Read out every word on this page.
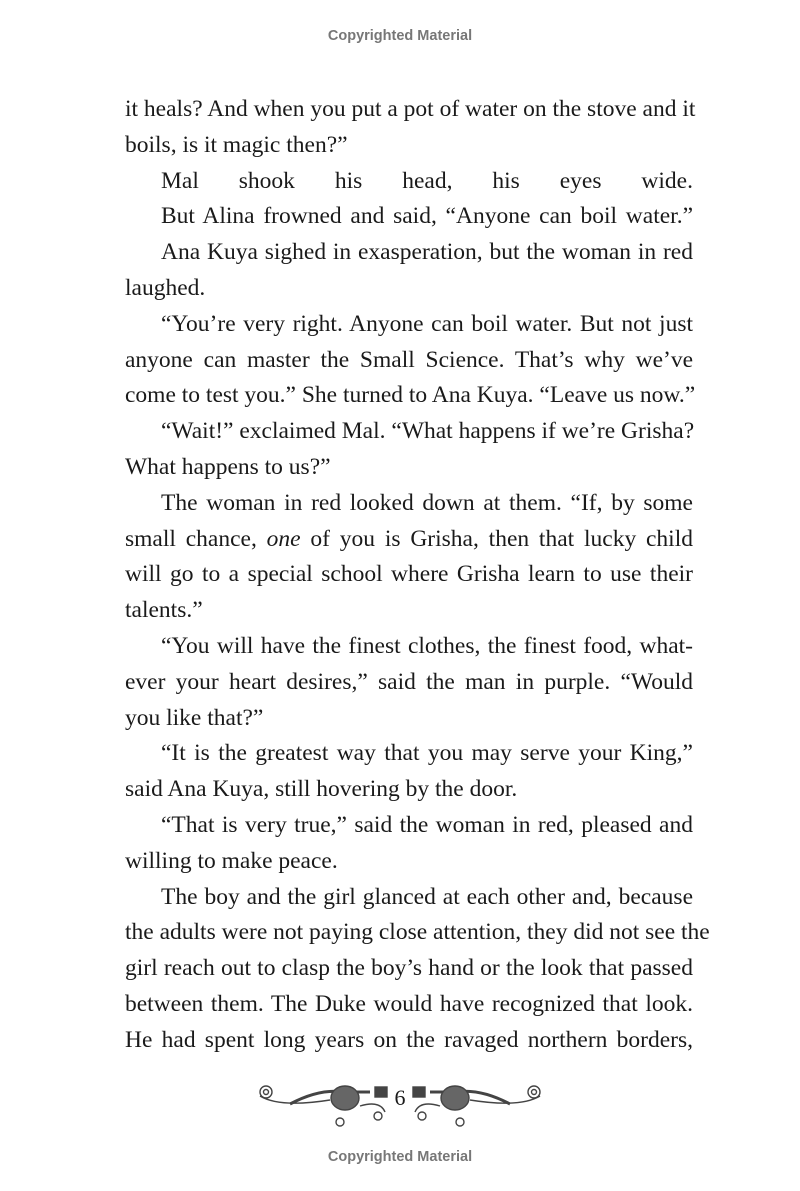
Copyrighted Material
it heals? And when you put a pot of water on the stove and it
boils, is it magic then?”
Mal shook his head, his eyes wide.
But Alina frowned and said, “Anyone can boil water.”
Ana Kuya sighed in exasperation, but the woman in red
laughed.
“You’re very right. Anyone can boil water. But not just
anyone can master the Small Science. That’s why we’ve
come to test you.” She turned to Ana Kuya. “Leave us now.”
“Wait!” exclaimed Mal. “What happens if we’re Grisha?
What happens to us?”
The woman in red looked down at them. “If, by some
small chance, one of you is Grisha, then that lucky child
will go to a special school where Grisha learn to use their
talents.”
“You will have the finest clothes, the finest food, what-
ever your heart desires,” said the man in purple. “Would
you like that?”
“It is the greatest way that you may serve your King,”
said Ana Kuya, still hovering by the door.
“That is very true,” said the woman in red, pleased and
willing to make peace.
The boy and the girl glanced at each other and, because
the adults were not paying close attention, they did not see the
girl reach out to clasp the boy’s hand or the look that passed
between them. The Duke would have recognized that look.
He had spent long years on the ravaged northern borders,
6
Copyrighted Material
